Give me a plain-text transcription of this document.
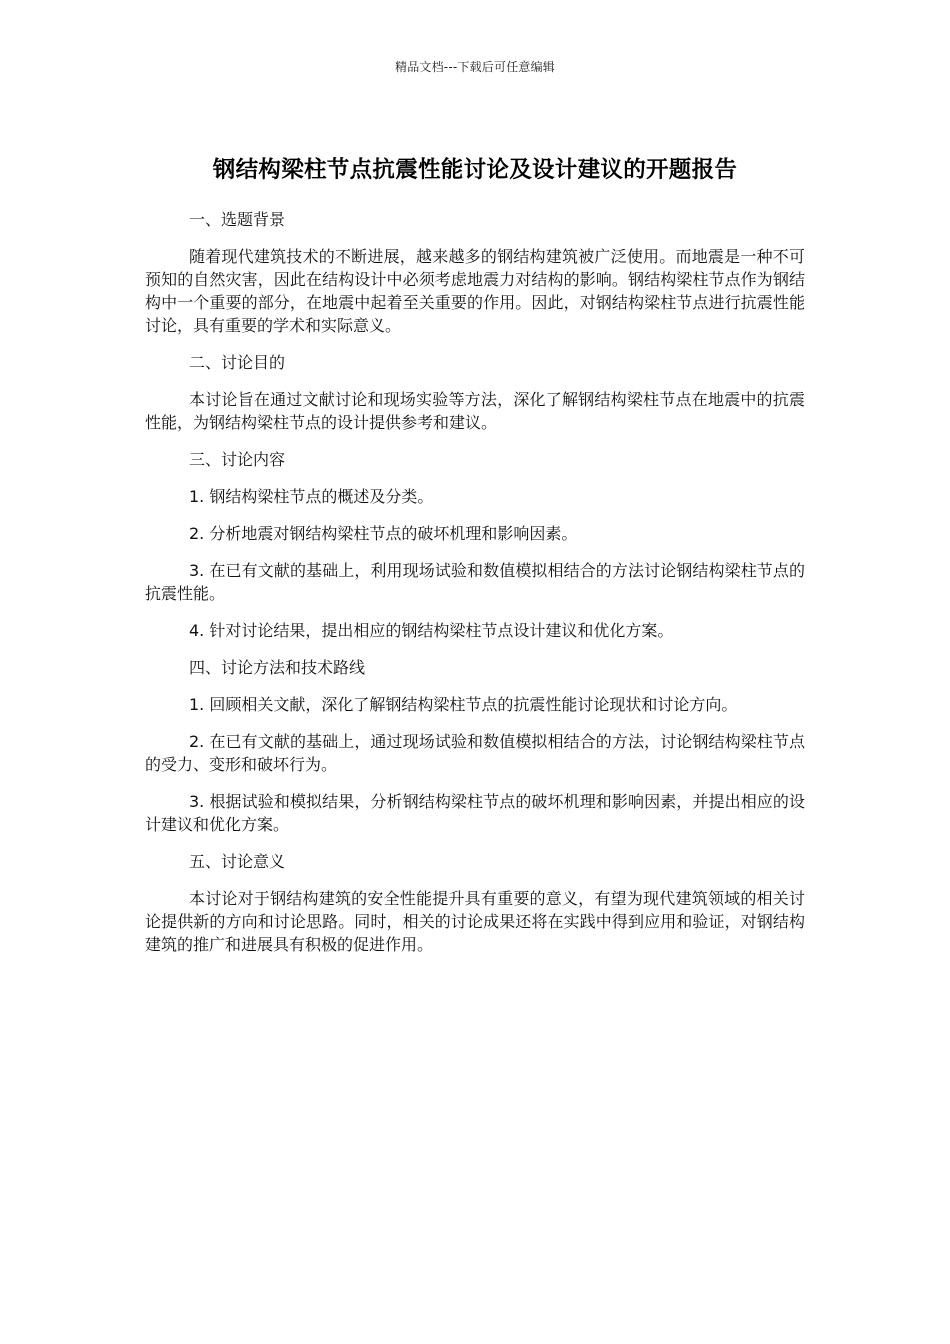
精品文档---下载后可任意编辑
钢结构梁柱节点抗震性能讨论及设计建议的开题报告

一、选题背景

随着现代建筑技术的不断进展，越来越多的钢结构建筑被广泛使用。而地震是一种不可预知的自然灾害，因此在结构设计中必须考虑地震力对结构的影响。钢结构梁柱节点作为钢结构中一个重要的部分，在地震中起着至关重要的作用。因此，对钢结构梁柱节点进行抗震性能讨论，具有重要的学术和实际意义。

二、讨论目的

本讨论旨在通过文献讨论和现场实验等方法，深化了解钢结构梁柱节点在地震中的抗震性能，为钢结构梁柱节点的设计提供参考和建议。

三、讨论内容

1. 钢结构梁柱节点的概述及分类。

2. 分析地震对钢结构梁柱节点的破坏机理和影响因素。

3. 在已有文献的基础上，利用现场试验和数值模拟相结合的方法讨论钢结构梁柱节点的抗震性能。

4. 针对讨论结果，提出相应的钢结构梁柱节点设计建议和优化方案。

四、讨论方法和技术路线

1. 回顾相关文献，深化了解钢结构梁柱节点的抗震性能讨论现状和讨论方向。

2. 在已有文献的基础上，通过现场试验和数值模拟相结合的方法，讨论钢结构梁柱节点的受力、变形和破坏行为。

3. 根据试验和模拟结果，分析钢结构梁柱节点的破坏机理和影响因素，并提出相应的设计建议和优化方案。

五、讨论意义

本讨论对于钢结构建筑的安全性能提升具有重要的意义，有望为现代建筑领域的相关讨论提供新的方向和讨论思路。同时，相关的讨论成果还将在实践中得到应用和验证，对钢结构建筑的推广和进展具有积极的促进作用。
